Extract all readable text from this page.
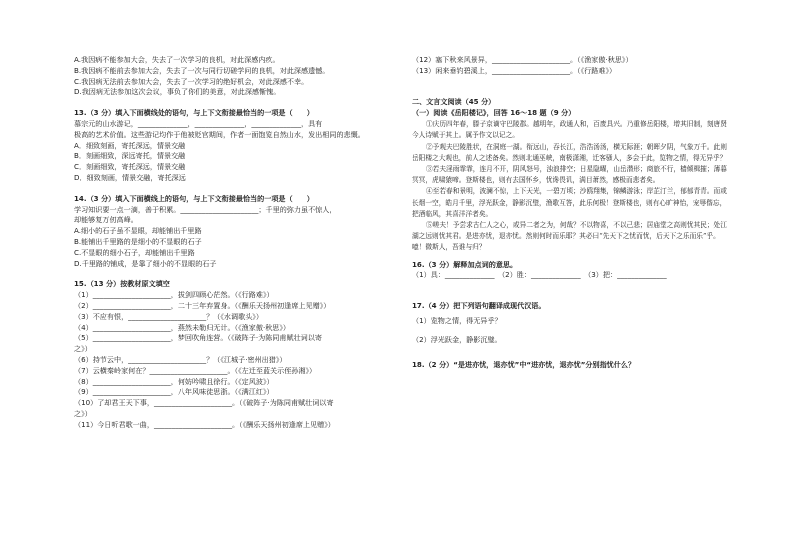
A.我因病不能参加大会，失去了一次学习的良机，对此深感内疚。
B.我因病不能前去参加大会，失去了一次与同行切磋学问的良机，对此深感遗憾。
C.我因病无法前去参加大会，失去了一次学习的绝好机会，对此深感不幸。
D.我因病无法参加这次会议，事负了你们的美意，对此深感惭愧。
13.（3 分）填入下面横线处的语句，与上下文衔接最恰当的一项是（　　）
慕宗元的山水游记，______________，______________，______________，具有
极高的艺术价值。这些游记均作于他被贬官期间，作者一面饱览自然山水，发出相同的悲慨。
A．细致刻画，寄托深远，情景交融
B．刻画细致，深远寄托，情景交融
C．刻画细致，寄托深远，情景交融
D．细致刻画，情景交融，寄托深远
14.（3 分）填入下面横线上的语句，与上下文衔接最恰当的一项是（　　）
学习知识要一点一滴，善于积累。______________________；千里的弥力虽不惊人，
却能够复万仞高峰。
A.细小的石子虽不显眼，却能铺出千里路
B.能铺出千里路的是细小的不显眼的石子
C.不显眼的细小石子，却能铺出千里路
D.千里路的铺成，是靠了细小的不显眼的石子
15.（13 分）按教材原文填空
（1）______________________，拔剑四顾心茫然。（《行路难》）
（2）______________________，二十三年弃置身。（《酬乐天扬州初逢席上见赠》）
（3）不应有恨，______________________？（《水调歌头》）
（4）______________________，燕然未勒归无计。（《渔家傲·秋思》）
（5）______________________，梦回吹角连营。（《破阵子·为陈同甫赋壮词以寄
之》）
（6）持节云中，______________________？（《江城子·密州出猎》）
（7）云横秦岭家何在？______________________。（《左迁至蓝关示侄孙湘》）
（8）______________________，何妨吟啸且徐行。（《定风波》）
（9）______________________，八年风味徒思浙。（《满江红》）
（10）了却君王天下事，______________________。（《破阵子·为陈同甫赋壮词以寄
之》）
（11）今日听君歌一曲，______________________。（《酬乐天扬州初逢席上见赠》）
（12）塞下秋来风景异，______________________。（《渔家傲·秋思》）
（13）闲来垂钓碧溪上，______________________。（《行路难》）
二、文言文阅读（45 分）
（一）阅读《岳阳楼记》，回答 16～18 题（9 分）
①庆历四年春，滕子京谪守巴陵郡。越明年，政通人和，百废具兴。乃重修岳阳楼，增其旧制，刻唐贤今人诗赋于其上。属予作文以记之。
②予观夫巴陵胜状，在洞庭一湖。衔远山，吞长江，浩浩汤汤，横无际涯；朝晖夕阴，气象万千。此则岳阳楼之大观也，前人之述备矣。然则北通巫峡，南极潇湘，迁客骚人，多会于此，览物之情，得无异乎？
③若夫淫雨霏霏，连月不开，阴风怒号，浊浪排空；日星隐曜，山岳潜形；商旅不行，樯倾楫摧；薄暮冥冥，虎啸猿啼。登斯楼也，则有去国怀乡，忧谗畏讥，满目萧然，感极而悲者矣。
④至若春和景明，波澜不惊，上下天光，一碧万顷；沙鸥翔集，锦鳞游泳；岸芷汀兰，郁郁青青。而或长烟一空，皓月千里，浮光跃金，静影沉璧，渔歌互答，此乐何极！登斯楼也，则有心旷神怡，宠辱偕忘，把酒临风，其喜洋洋者矣。
⑤嗟夫！予尝求古仁人之心，或异二者之为，何哉？不以物喜，不以己悲；居庙堂之高则忧其民；处江湖之远则忧其君。是进亦忧，退亦忧。然则何时而乐耶？其必曰“先天下之忧而忧，后天下之乐而乐”乎。噫！微斯人，吾谁与归？
16.（3 分）解释加点词的意思。
（1）具：______________　（2）胜：______________　（3）把：______________
17.（4 分）把下列语句翻译成现代汉语。
（1）览物之情，得无异乎？
（2）浮光跃金，静影沉璧。
18.（2 分）“是进亦忧，退亦忧”中“进亦忧，退亦忧”分别指忧什么？
